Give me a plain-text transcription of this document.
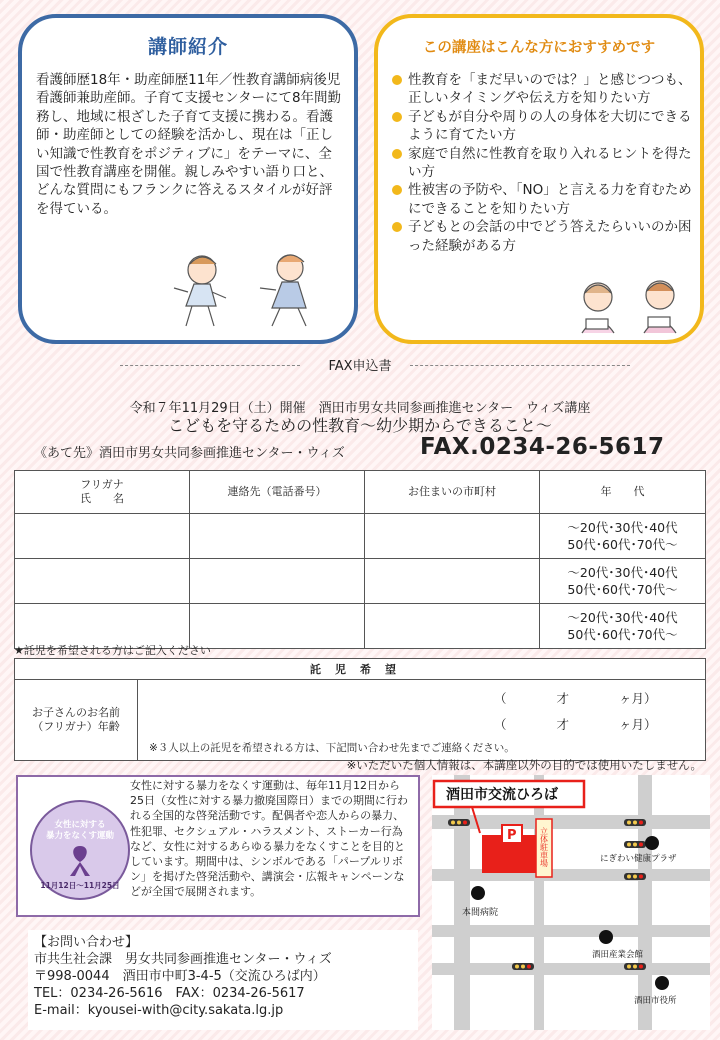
講師紹介

看護師歴18年・助産師歴11年／性教育講師病後児看護師兼助産師。子育て支援センターにて8年間勤務し、地域に根ざした子育て支援に携わる。看護師・助産師としての経験を活かし、現在は「正しい知識で性教育をポジティブに」をテーマに、全国で性教育講座を開催。親しみやすい語り口と、どんな質問にもフランクに答えるスタイルが好評を得ている。

この講座はこんな方におすすめです
性教育を「まだ早いのでは？」と感じつつも、正しいタイミングや伝え方を知りたい方
子どもが自分や周りの人の身体を大切にできるように育てたい方
家庭で自然に性教育を取り入れるヒントを得たい方
性被害の予防や、「NO」と言える力を育むためにできることを知りたい方
子どもとの会話の中でどう答えたらいいのか困った経験がある方
FAX申込書
令和７年11月29日（土）開催　酒田市男女共同参画推進センター　ウィズ講座
こどもを守るための性教育～幼少期からできること～
《あて先》酒田市男女共同参画推進センター・ウィズ	FAX.0234-26-5617
フリガナ
氏　　名	連絡先（電話番号）	お住まいの市町村	年　　代
			～20代･30代･40代
50代･60代･70代～
			～20代･30代･40代
50代･60代･70代～
			～20代･30代･40代
50代･60代･70代～
★託児を希望される方はご記入ください
託児希望
お子さんのお名前
（フリガナ）年齢	
（　　　　才　　　　ヶ月）
（　　　　才　　　　ヶ月）
※３人以上の託児を希望される方は、下記問い合わせ先までご連絡ください。
※いただいた個人情報は、本講座以外の目的では使用いたしません。
女性に対する
暴力をなくす運動
11月12日～11月25日
女性に対する暴力をなくす運動は、毎年11月12日から25日（女性に対する暴力撤廃国際日）までの期間に行われる全国的な啓発活動です。配偶者や恋人からの暴力、性犯罪、セクシュアル・ハラスメント、ストーカー行為など、女性に対するあらゆる暴力をなくすことを目的としています。期間中は、シンボルである「パープルリボン」を掲げた啓発活動や、講演会・広報キャンペーンなどが全国で展開されます。
【お問い合わせ】
市共生社会課　男女共同参画推進センター・ウィズ
〒998-0044　酒田市中町3-4-5（交流ひろば内）
TEL：0234-26-5616　FAX：0234-26-5617
E-mail：kyousei-with@city.sakata.lg.jp
P	立体駐車場
酒田市交流ひろば
にぎわい健康プラザ
本間病院
酒田産業会館
酒田市役所
